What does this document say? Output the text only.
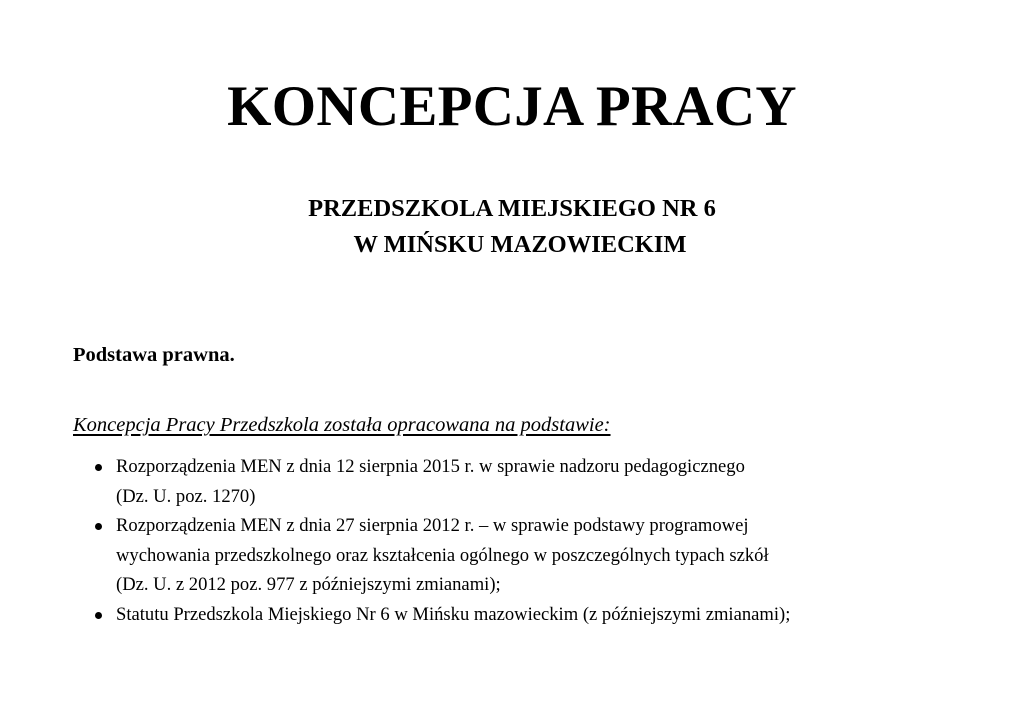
KONCEPCJA PRACY
PRZEDSZKOLA MIEJSKIEGO NR 6
W MIŃSKU MAZOWIECKIM
Podstawa prawna.
Koncepcja Pracy Przedszkola została opracowana na podstawie:
Rozporządzenia MEN z dnia 12 sierpnia 2015 r. w sprawie nadzoru pedagogicznego
(Dz. U. poz. 1270)
Rozporządzenia MEN z dnia 27 sierpnia 2012 r. – w sprawie podstawy programowej
wychowania przedszkolnego oraz kształcenia ogólnego w poszczególnych typach szkół
(Dz. U. z 2012 poz. 977 z późniejszymi zmianami);
Statutu Przedszkola Miejskiego Nr 6 w Mińsku mazowieckim (z późniejszymi zmianami);
